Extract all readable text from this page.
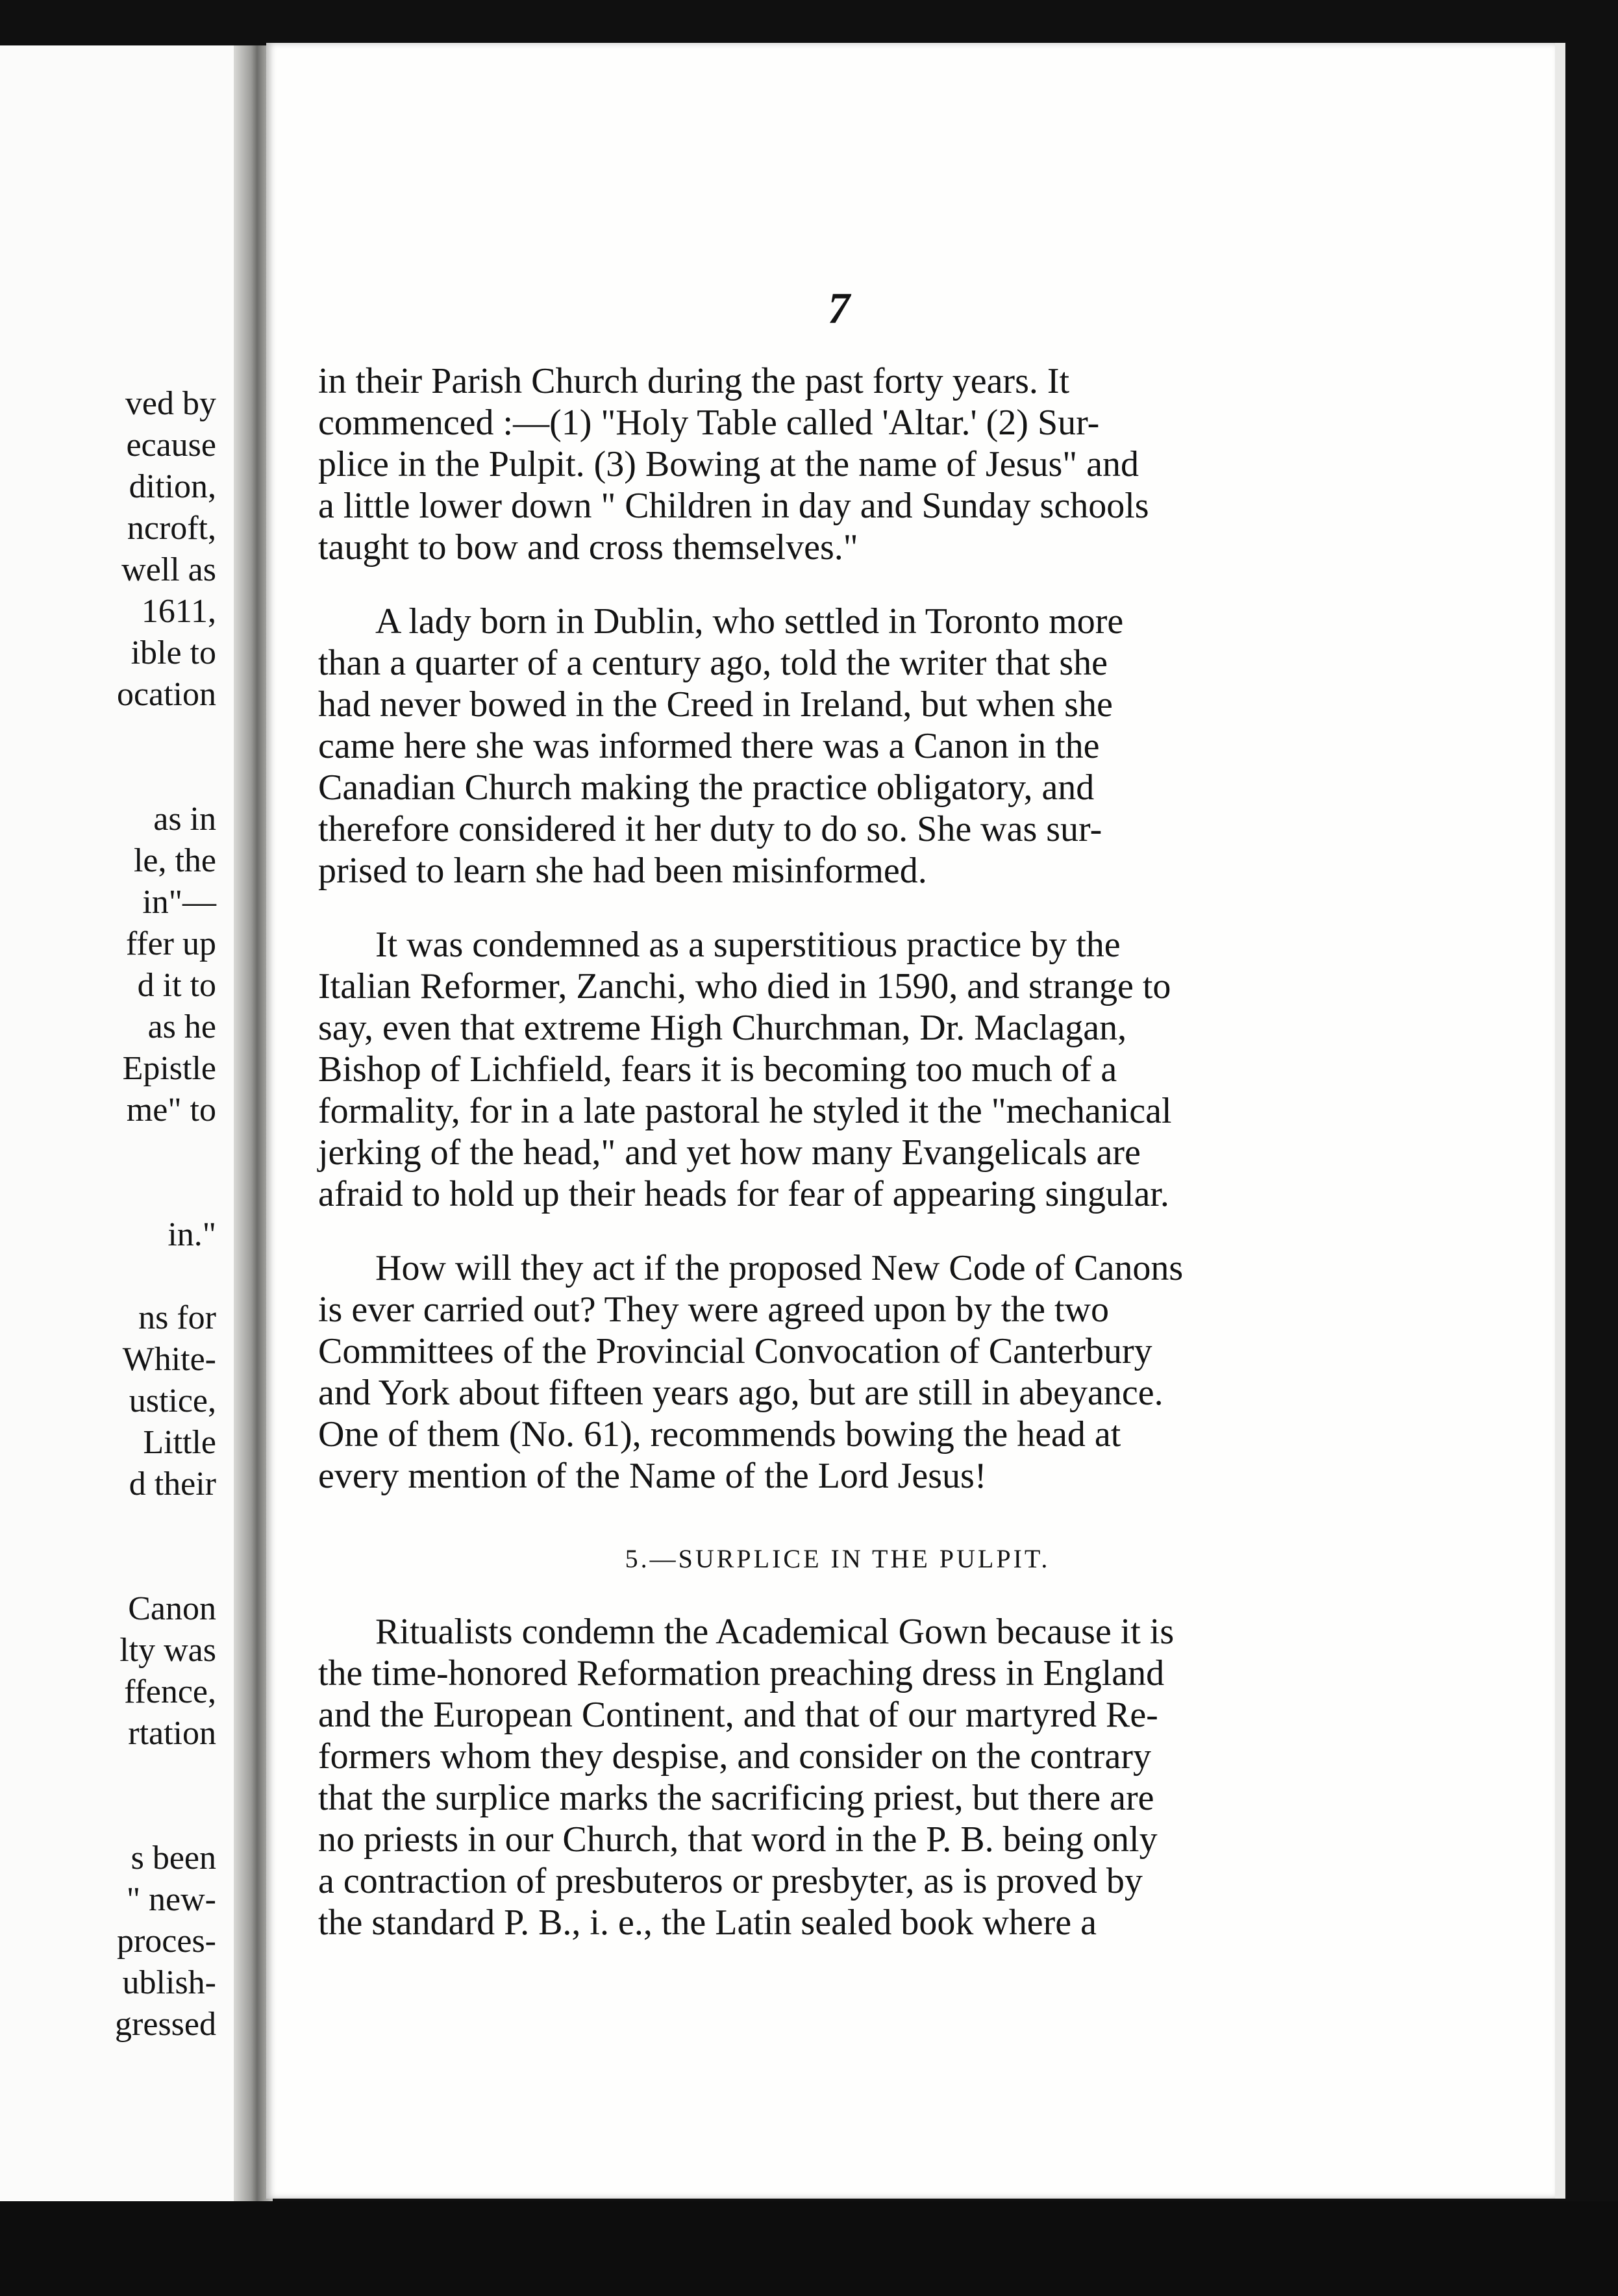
ved by
ecause
dition,
ncroft,
well as
1611,
ible to
ocation
as in
le, the
in"—
ffer up
d it to
as he
Epistle
me" to
in."
ns for
White-
ustice,
Little
d their
Canon
lty was
ffence,
rtation
s been
" new-
proces-
ublish-
gressed
7

in their Parish Church during the past forty years. It
commenced :—(1) "Holy Table called 'Altar.' (2) Sur-
plice in the Pulpit. (3) Bowing at the name of Jesus" and
a little lower down " Children in day and Sunday schools
taught to bow and cross themselves."

A lady born in Dublin, who settled in Toronto more
than a quarter of a century ago, told the writer that she
had never bowed in the Creed in Ireland, but when she
came here she was informed there was a Canon in the
Canadian Church making the practice obligatory, and
therefore considered it her duty to do so. She was sur-
prised to learn she had been misinformed.

It was condemned as a superstitious practice by the
Italian Reformer, Zanchi, who died in 1590, and strange to
say, even that extreme High Churchman, Dr. Maclagan,
Bishop of Lichfield, fears it is becoming too much of a
formality, for in a late pastoral he styled it the "mechanical
jerking of the head," and yet how many Evangelicals are
afraid to hold up their heads for fear of appearing singular.

How will they act if the proposed New Code of Canons
is ever carried out? They were agreed upon by the two
Committees of the Provincial Convocation of Canterbury
and York about fifteen years ago, but are still in abeyance.
One of them (No. 61), recommends bowing the head at
every mention of the Name of the Lord Jesus!

5.—SURPLICE IN THE PULPIT.

Ritualists condemn the Academical Gown because it is
the time-honored Reformation preaching dress in England
and the European Continent, and that of our martyred Re-
formers whom they despise, and consider on the contrary
that the surplice marks the sacrificing priest, but there are
no priests in our Church, that word in the P. B. being only
a contraction of presbuteros or presbyter, as is proved by
the standard P. B., i. e., the Latin sealed book where a
